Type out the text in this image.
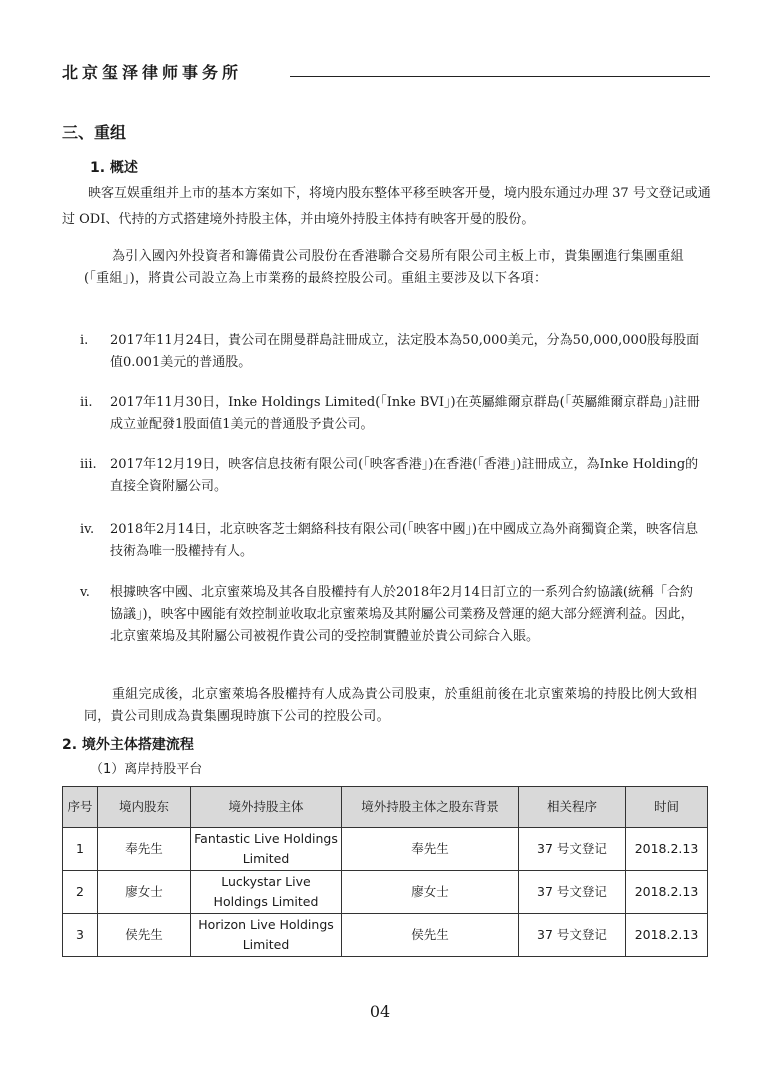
北京玺泽律师事务所
三、重组
1. 概述
映客互娱重组并上市的基本方案如下，将境内股东整体平移至映客开曼，境内股东通过办理 37 号文登记或通过 ODI、代持的方式搭建境外持股主体，并由境外持股主体持有映客开曼的股份。
為引入國內外投資者和籌備貴公司股份在香港聯合交易所有限公司主板上市，貴集團進行集團重組(「重組」)，將貴公司設立為上市業務的最終控股公司。重組主要涉及以下各項：
i.	2017年11月24日，貴公司在開曼群島註冊成立，法定股本為50,000美元，分為50,000,000股每股面值0.001美元的普通股。
ii.	2017年11月30日，Inke Holdings Limited(「Inke BVI」)在英屬維爾京群島(「英屬維爾京群島」)註冊成立並配發1股面值1美元的普通股予貴公司。
iii.	2017年12月19日，映客信息技術有限公司(「映客香港」)在香港(「香港」)註冊成立，為Inke Holding的直接全資附屬公司。
iv.	2018年2月14日，北京映客芝士網絡科技有限公司(「映客中國」)在中國成立為外商獨資企業，映客信息技術為唯一股權持有人。
v.	根據映客中國、北京蜜萊塢及其各自股權持有人於2018年2月14日訂立的一系列合約協議(統稱「合約協議」)，映客中國能有效控制並收取北京蜜萊塢及其附屬公司業務及營運的絕大部分經濟利益。因此，北京蜜萊塢及其附屬公司被視作貴公司的受控制實體並於貴公司綜合入賬。
重組完成後，北京蜜萊塢各股權持有人成為貴公司股東，於重組前後在北京蜜萊塢的持股比例大致相同，貴公司則成為貴集團現時旗下公司的控股公司。
2. 境外主体搭建流程
（1）离岸持股平台
序号	境内股东	境外持股主体	境外持股主体之股东背景	相关程序	时间
1	奉先生	Fantastic Live Holdings Limited	奉先生	37 号文登记	2018.2.13
2	廖女士	Luckystar Live Holdings Limited	廖女士	37 号文登记	2018.2.13
3	侯先生	Horizon Live Holdings Limited	侯先生	37 号文登记	2018.2.13
04
